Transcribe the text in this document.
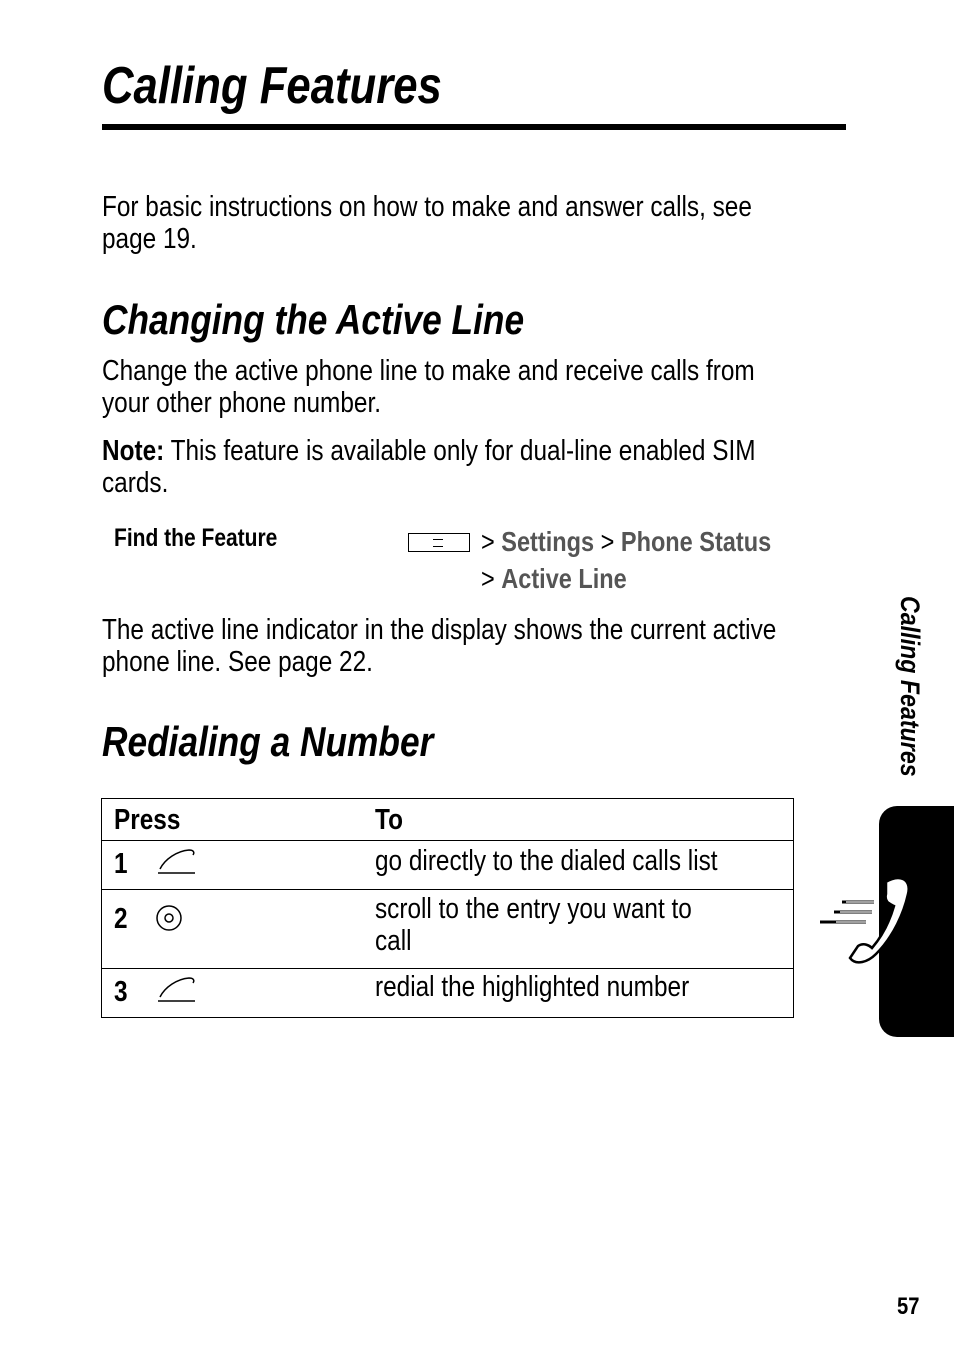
Calling Features

For basic instructions on how to make and answer calls, see
page 19.

Changing the Active Line

Change the active phone line to make and receive calls from
your other phone number.

Note: This feature is available only for dual-line enabled SIM
cards.

Find the Feature	> Settings > Phone Status
> Active Line

The active line indicator in the display shows the current active
phone line. See page 22.

Redialing a Number
Press		To
1		go directly to the dialed calls list
2		scroll to the entry you want to
call
3		redial the highlighted number
Calling Features
57
